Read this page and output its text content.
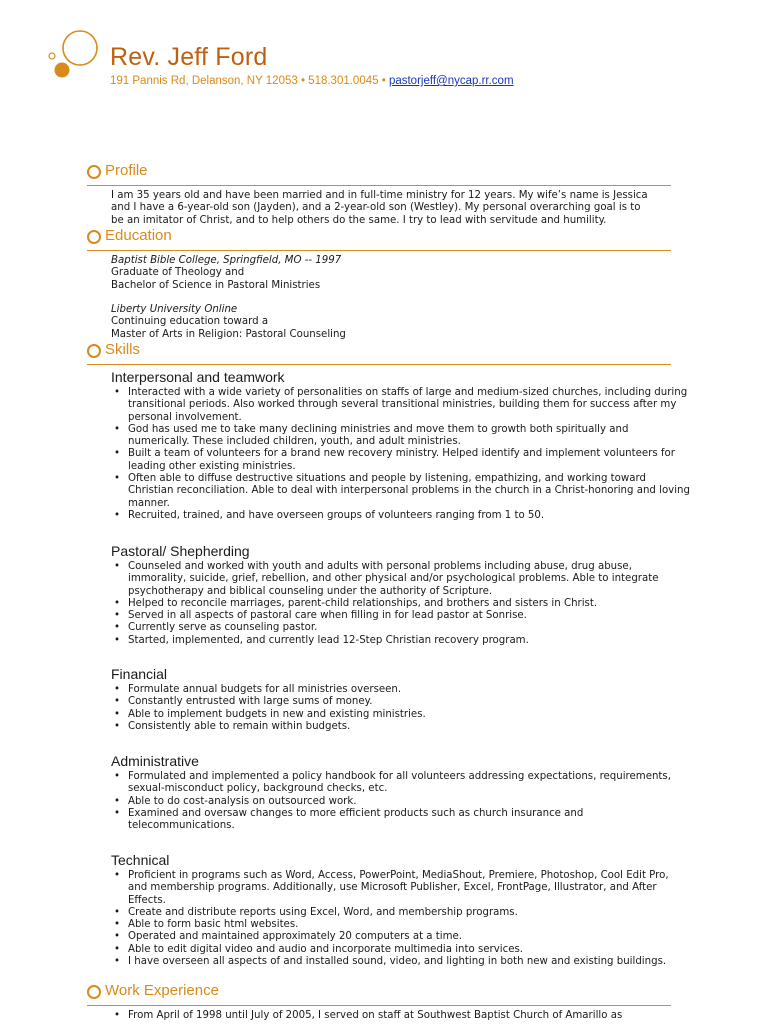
Rev. Jeff Ford
191 Pannis Rd, Delanson, NY 12053 • 518.301.0045 • pastorjeff@nycap.rr.com
Profile
I am 35 years old and have been married and in full-time ministry for 12 years. My wife’s name is Jessica
and I have a 6-year-old son (Jayden), and a 2-year-old son (Westley). My personal overarching goal is to
be an imitator of Christ, and to help others do the same. I try to lead with servitude and humility.
Education
Baptist Bible College, Springfield, MO -- 1997
Graduate of Theology and
Bachelor of Science in Pastoral Ministries
Liberty University Online
Continuing education toward a
Master of Arts in Religion: Pastoral Counseling
Skills
Interpersonal and teamwork
• Interacted with a wide variety of personalities on staffs of large and medium-sized churches, including during transitional periods. Also worked through several transitional ministries, building them for success after my personal involvement.
• God has used me to take many declining ministries and move them to growth both spiritually and numerically. These included children, youth, and adult ministries.
• Built a team of volunteers for a brand new recovery ministry. Helped identify and implement volunteers for leading other existing ministries.
• Often able to diffuse destructive situations and people by listening, empathizing, and working toward Christian reconciliation. Able to deal with interpersonal problems in the church in a Christ-honoring and loving manner.
• Recruited, trained, and have overseen groups of volunteers ranging from 1 to 50.
Pastoral/ Shepherding
• Counseled and worked with youth and adults with personal problems including abuse, drug abuse, immorality, suicide, grief, rebellion, and other physical and/or psychological problems. Able to integrate psychotherapy and biblical counseling under the authority of Scripture.
• Helped to reconcile marriages, parent-child relationships, and brothers and sisters in Christ.
• Served in all aspects of pastoral care when filling in for lead pastor at Sonrise.
• Currently serve as counseling pastor.
• Started, implemented, and currently lead 12-Step Christian recovery program.
Financial
• Formulate annual budgets for all ministries overseen.
• Constantly entrusted with large sums of money.
• Able to implement budgets in new and existing ministries.
• Consistently able to remain within budgets.
Administrative
• Formulated and implemented a policy handbook for all volunteers addressing expectations, requirements, sexual-misconduct policy, background checks, etc.
• Able to do cost-analysis on outsourced work.
• Examined and oversaw changes to more efficient products such as church insurance and telecommunications.
Technical
• Proficient in programs such as Word, Access, PowerPoint, MediaShout, Premiere, Photoshop, Cool Edit Pro, and membership programs. Additionally, use Microsoft Publisher, Excel, FrontPage, Illustrator, and After Effects.
• Create and distribute reports using Excel, Word, and membership programs.
• Able to form basic html websites.
• Operated and maintained approximately 20 computers at a time.
• Able to edit digital video and audio and incorporate multimedia into services.
• I have overseen all aspects of and installed sound, video, and lighting in both new and existing buildings.
Work Experience
• From April of 1998 until July of 2005, I served on staff at Southwest Baptist Church of Amarillo as
